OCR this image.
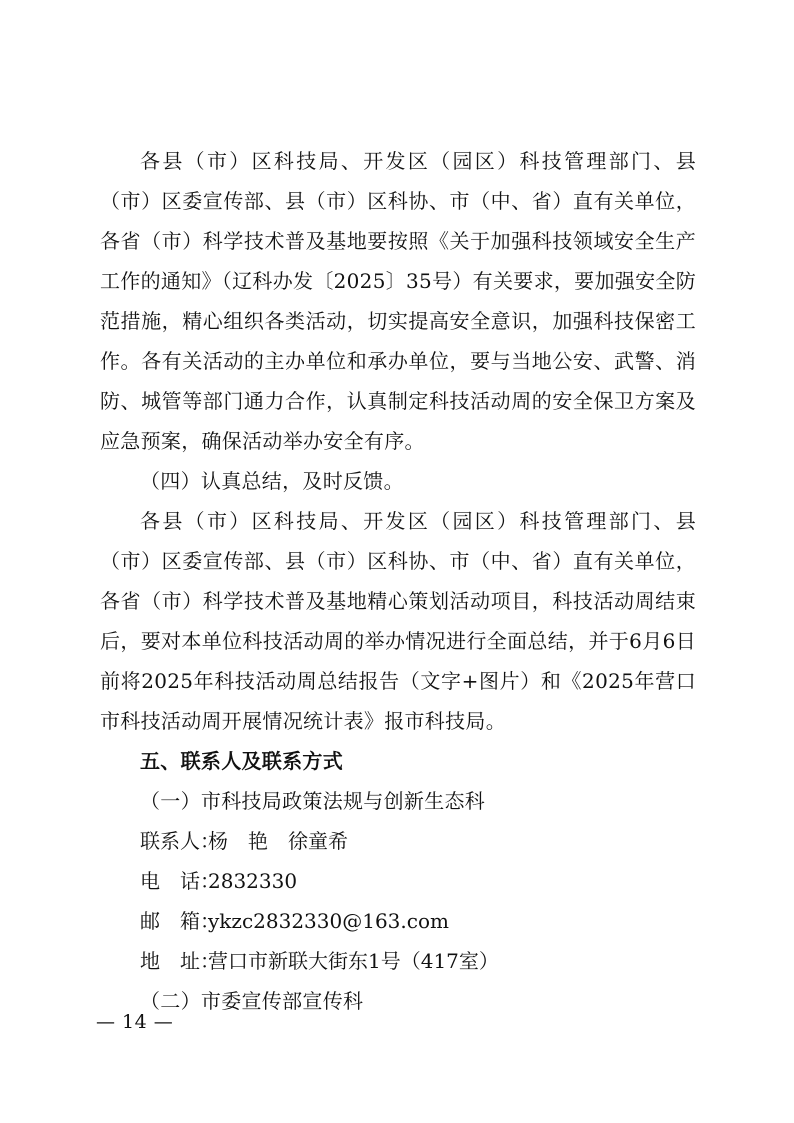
各县（市）区科技局、开发区（园区）科技管理部门、县（市）区委宣传部、县（市）区科协、市（中、省）直有关单位，各省（市）科学技术普及基地要按照《关于加强科技领域安全生产工作的通知》（辽科办发〔2025〕35号）有关要求，要加强安全防范措施，精心组织各类活动，切实提高安全意识，加强科技保密工作。各有关活动的主办单位和承办单位，要与当地公安、武警、消防、城管等部门通力合作，认真制定科技活动周的安全保卫方案及应急预案，确保活动举办安全有序。

（四）认真总结，及时反馈。

各县（市）区科技局、开发区（园区）科技管理部门、县（市）区委宣传部、县（市）区科协、市（中、省）直有关单位，各省（市）科学技术普及基地精心策划活动项目，科技活动周结束后，要对本单位科技活动周的举办情况进行全面总结，并于6月6日前将2025年科技活动周总结报告（文字+图片）和《2025年营口市科技活动周开展情况统计表》报市科技局。

五、联系人及联系方式

（一）市科技局政策法规与创新生态科

联系人：杨　艳　徐童希
电　话：2832330
邮　箱：ykzc2832330@163.com
地　址：营口市新联大街东1号（417室）

（二）市委宣传部宣传科

— 14 —
